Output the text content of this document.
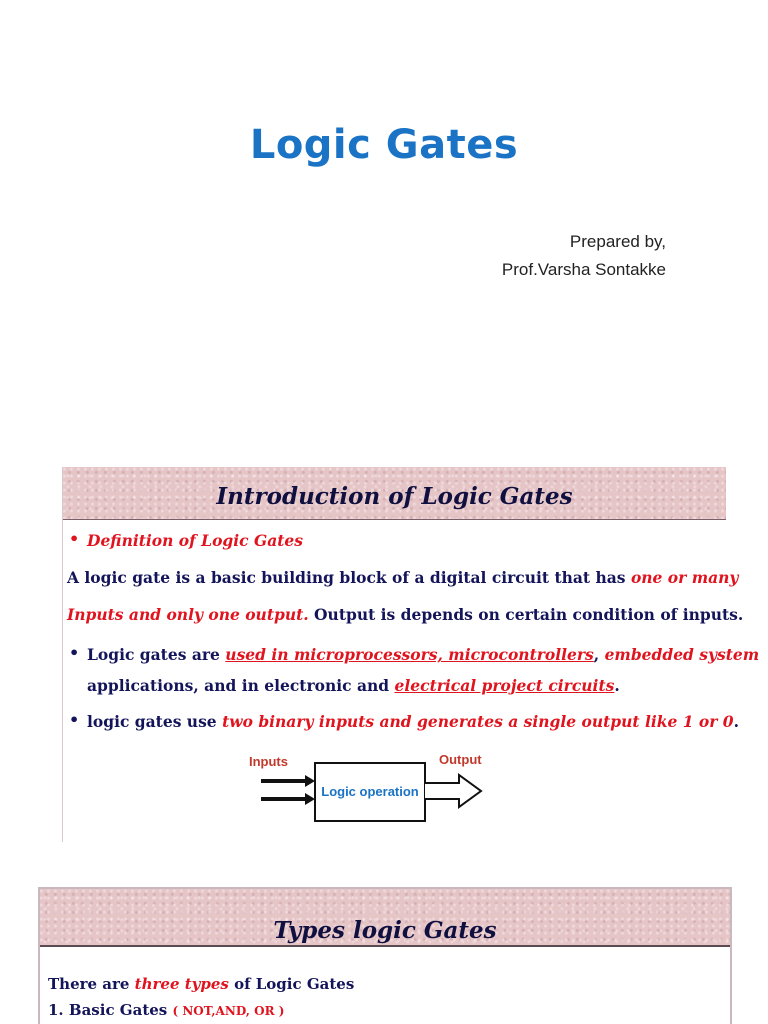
Logic Gates
Prepared by,
Prof.Varsha Sontakke
Introduction of Logic Gates
• Definition of Logic Gates
A logic gate is a basic building block of a digital circuit that has one or many
Inputs and only one output. Output is depends on certain condition of inputs.
• Logic gates are used in microprocessors, microcontrollers, embedded system
applications, and in electronic and electrical project circuits.
• logic gates use two binary inputs and generates a single output like 1 or 0.
Inputs	Output
Logic operation
Types logic Gates
There are three types of Logic Gates
1. Basic Gates ( NOT,AND, OR )
